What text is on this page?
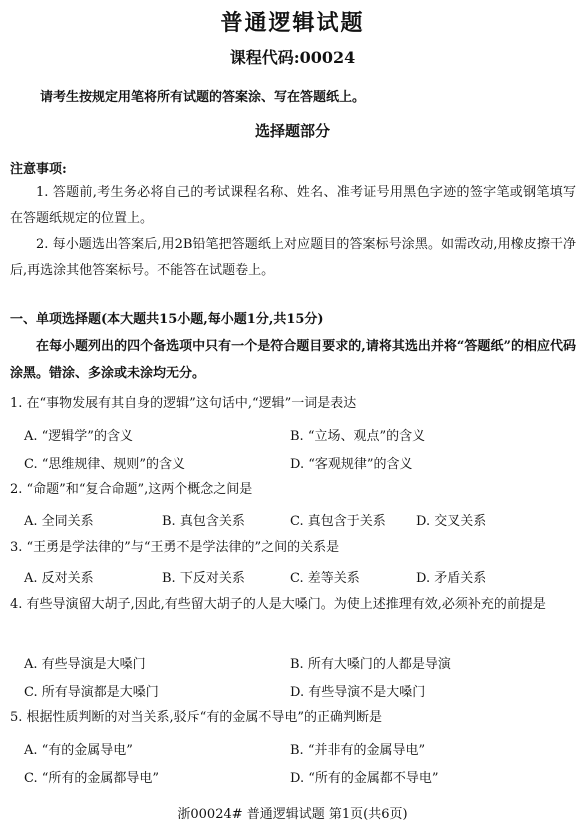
普通逻辑试题
课程代码:00024
请考生按规定用笔将所有试题的答案涂、写在答题纸上。
选择题部分
注意事项:
1. 答题前,考生务必将自己的考试课程名称、姓名、准考证号用黑色字迹的签字笔或钢笔填写在答题纸规定的位置上。
2. 每小题选出答案后,用2B铅笔把答题纸上对应题目的答案标号涂黑。如需改动,用橡皮擦干净后,再选涂其他答案标号。不能答在试题卷上。
一、单项选择题(本大题共15小题,每小题1分,共15分)
在每小题列出的四个备选项中只有一个是符合题目要求的,请将其选出并将“答题纸”的相应代码涂黑。错涂、多涂或未涂均无分。
1. 在“事物发展有其自身的逻辑”这句话中,“逻辑”一词是表达
A. “逻辑学”的含义	B. “立场、观点”的含义
C. “思维规律、规则”的含义	D. “客观规律”的含义
2. “命题”和“复合命题”,这两个概念之间是
A. 全同关系	B. 真包含关系	C. 真包含于关系 D. 交叉关系
3. “王勇是学法律的”与“王勇不是学法律的”之间的关系是
A. 反对关系	B. 下反对关系	C. 差等关系	D. 矛盾关系
4. 有些导演留大胡子,因此,有些留大胡子的人是大嗓门。为使上述推理有效,必须补充的前提是
A. 有些导演是大嗓门	B. 所有大嗓门的人都是导演
C. 所有导演都是大嗓门	D. 有些导演不是大嗓门
5. 根据性质判断的对当关系,驳斥“有的金属不导电”的正确判断是
A. “有的金属导电”	B. “并非有的金属导电”
C. “所有的金属都导电”	D. “所有的金属都不导电”
浙00024# 普通逻辑试题 第1页(共6页)
